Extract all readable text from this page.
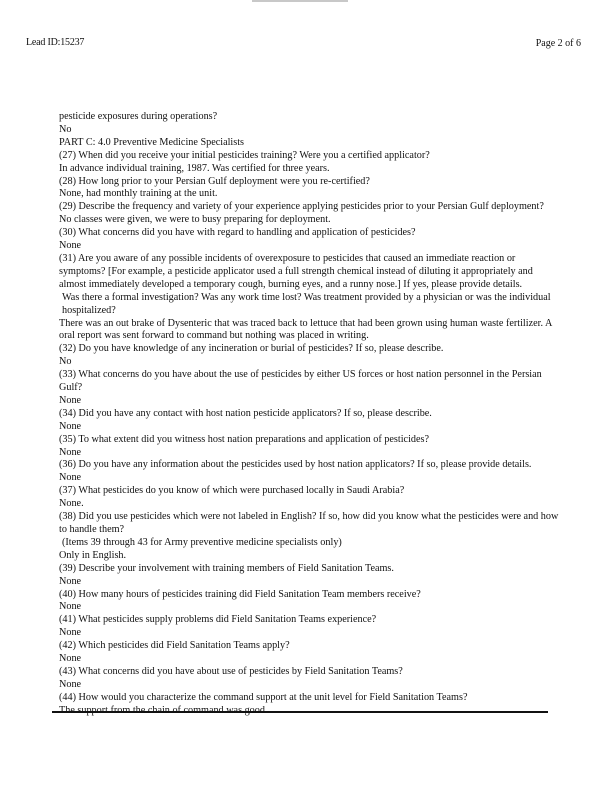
Lead ID:15237	Page 2 of 6
pesticide exposures during operations?
No
PART C: 4.0 Preventive Medicine Specialists
(27) When did you receive your initial pesticides training? Were you a certified applicator?
In advance individual training, 1987. Was certified for three years.
(28) How long prior to your Persian Gulf deployment were you re-certified?
None, had monthly training at the unit.
(29) Describe the frequency and variety of your experience applying pesticides prior to your Persian Gulf deployment?
No classes were given, we were to busy preparing for deployment.
(30) What concerns did you have with regard to handling and application of pesticides?
None
(31) Are you aware of any possible incidents of overexposure to pesticides that caused an immediate reaction or symptoms? [For example, a pesticide applicator used a full strength chemical instead of diluting it appropriately and almost immediately developed a temporary cough, burning eyes, and a runny nose.] If yes, please provide details.
Was there a formal investigation? Was any work time lost? Was treatment provided by a physician or was the individual hospitalized?
There was an out brake of Dysenteric that was traced back to lettuce that had been grown using human waste fertilizer. A oral report was sent forward to command but nothing was placed in writing.
(32) Do you have knowledge of any incineration or burial of pesticides? If so, please describe.
No
(33) What concerns do you have about the use of pesticides by either US forces or host nation personnel in the Persian Gulf?
None
(34) Did you have any contact with host nation pesticide applicators? If so, please describe.
None
(35) To what extent did you witness host nation preparations and application of pesticides?
None
(36) Do you have any information about the pesticides used by host nation applicators? If so, please provide details.
None
(37) What pesticides do you know of which were purchased locally in Saudi Arabia?
None.
(38) Did you use pesticides which were not labeled in English? If so, how did you know what the pesticides were and how to handle them?
(Items 39 through 43 for Army preventive medicine specialists only)
Only in English.
(39) Describe your involvement with training members of Field Sanitation Teams.
None
(40) How many hours of pesticides training did Field Sanitation Team members receive?
None
(41) What pesticides supply problems did Field Sanitation Teams experience?
None
(42) Which pesticides did Field Sanitation Teams apply?
None
(43) What concerns did you have about use of pesticides by Field Sanitation Teams?
None
(44) How would you characterize the command support at the unit level for Field Sanitation Teams?
